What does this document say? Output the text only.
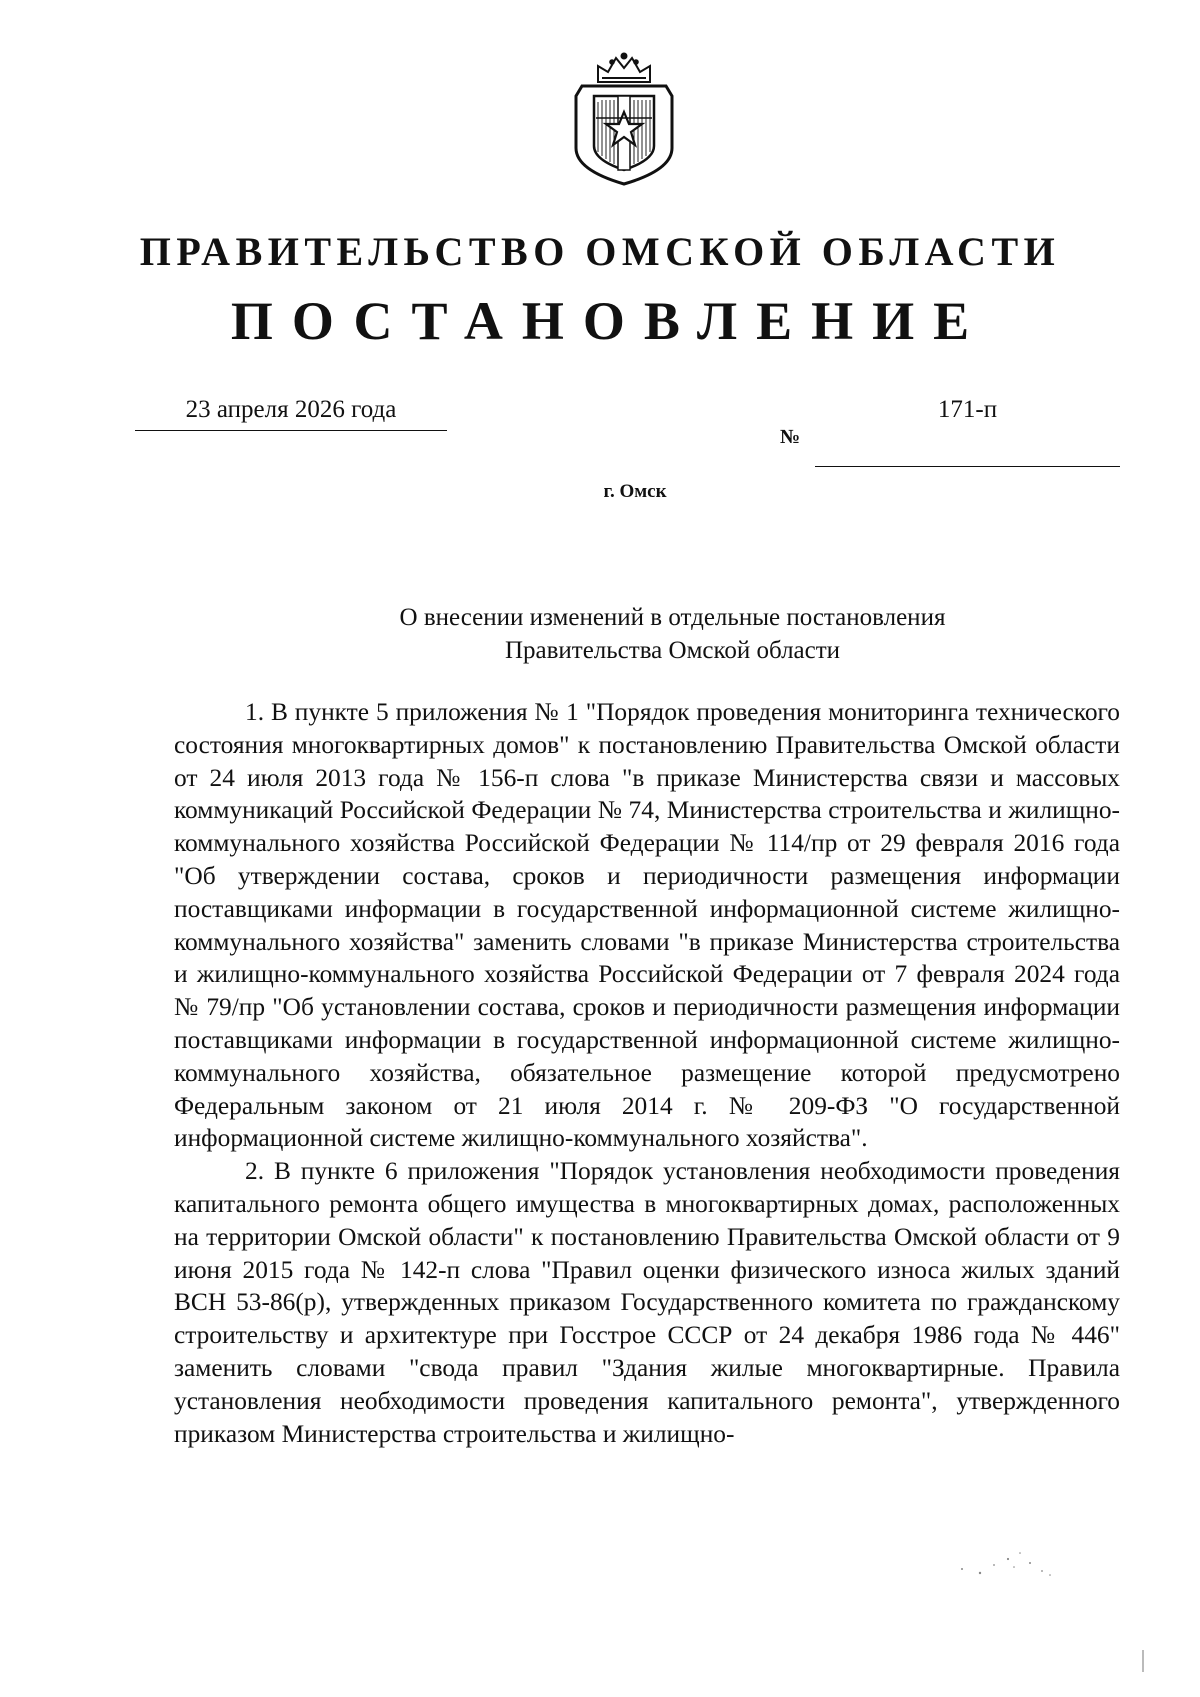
ПРАВИТЕЛЬСТВО ОМСКОЙ ОБЛАСТИ
ПОСТАНОВЛЕНИЕ
23 апреля 2026 года
№
171-п
г. Омск
О внесении изменений в отдельные постановления
Правительства Омской области

1. В пункте 5 приложения № 1 "Порядок проведения мониторинга технического состояния многоквартирных домов" к постановлению Правительства Омской области от 24 июля 2013 года № 156-п слова "в приказе Министерства связи и массовых коммуникаций Российской Федерации № 74, Министерства строительства и жилищно-коммунального хозяйства Российской Федерации № 114/пр от 29 февраля 2016 года "Об утверждении состава, сроков и периодичности размещения информации поставщиками информации в государственной информационной системе жилищно-коммунального хозяйства" заменить словами "в приказе Министерства строительства и жилищно-коммунального хозяйства Российской Федерации от 7 февраля 2024 года № 79/пр "Об установлении состава, сроков и периодичности размещения информации поставщиками информации в государственной информационной системе жилищно-коммунального хозяйства, обязательное размещение которой предусмотрено Федеральным законом от 21 июля 2014 г. № 209-ФЗ "О государственной информационной системе жилищно-коммунального хозяйства".

2. В пункте 6 приложения "Порядок установления необходимости проведения капитального ремонта общего имущества в многоквартирных домах, расположенных на территории Омской области" к постановлению Правительства Омской области от 9 июня 2015 года № 142-п слова "Правил оценки физического износа жилых зданий ВСН 53-86(р), утвержденных приказом Государственного комитета по гражданскому строительству и архитектуре при Госстрое СССР от 24 декабря 1986 года № 446" заменить словами "свода правил "Здания жилые многоквартирные. Правила установления необходимости проведения капитального ремонта", утвержденного приказом Министерства строительства и жилищно-
